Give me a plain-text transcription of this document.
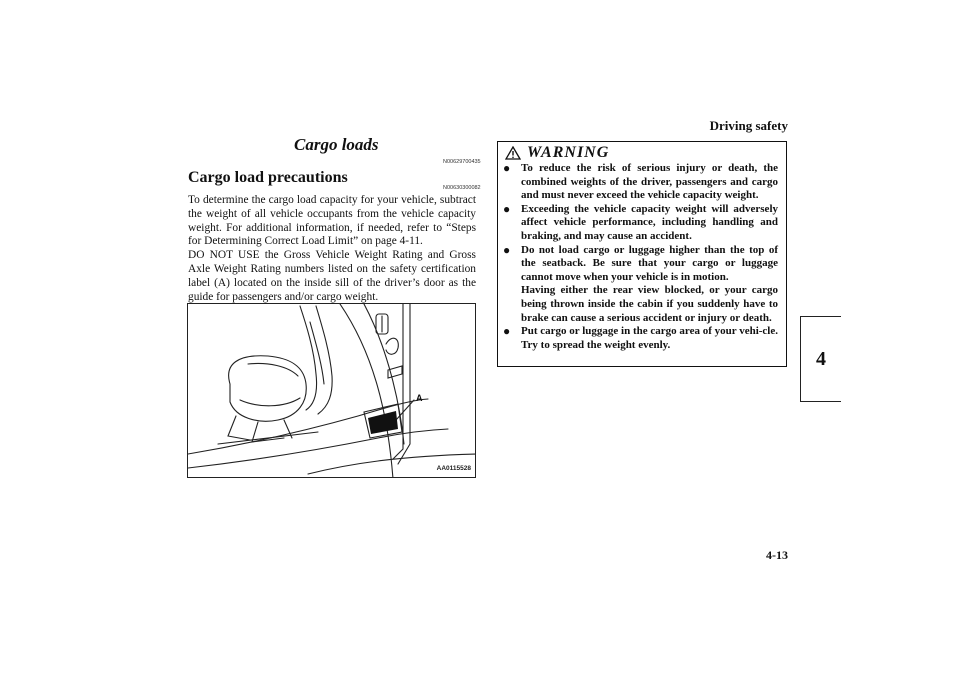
Driving safety
4
4-13
Cargo loads
N00629700435
Cargo load precautions
N00630300082

To determine the cargo load capacity for your vehicle, subtract the weight of all vehicle occupants from the vehicle capacity weight. For additional information, if needed, refer to “Steps for Determining Correct Load Limit” on page 4-11.

DO NOT USE the Gross Vehicle Weight Rating and Gross Axle Weight Rating numbers listed on the safety certification label (A) located on the inside sill of the driver’s door as the guide for passengers and/or cargo weight.

A
AA0115528
WARNING
● To reduce the risk of serious injury or death, the combined weights of the driver, passengers and cargo and must never exceed the vehicle capacity weight.
● Exceeding the vehicle capacity weight will adversely affect vehicle performance, including handling and braking, and may cause an accident.
● Do not load cargo or luggage higher than the top of the seatback. Be sure that your cargo or luggage cannot move when your vehicle is in motion.
Having either the rear view blocked, or your cargo being thrown inside the cabin if you suddenly have to brake can cause a serious accident or injury or death.
● Put cargo or luggage in the cargo area of your vehi-cle. Try to spread the weight evenly.
